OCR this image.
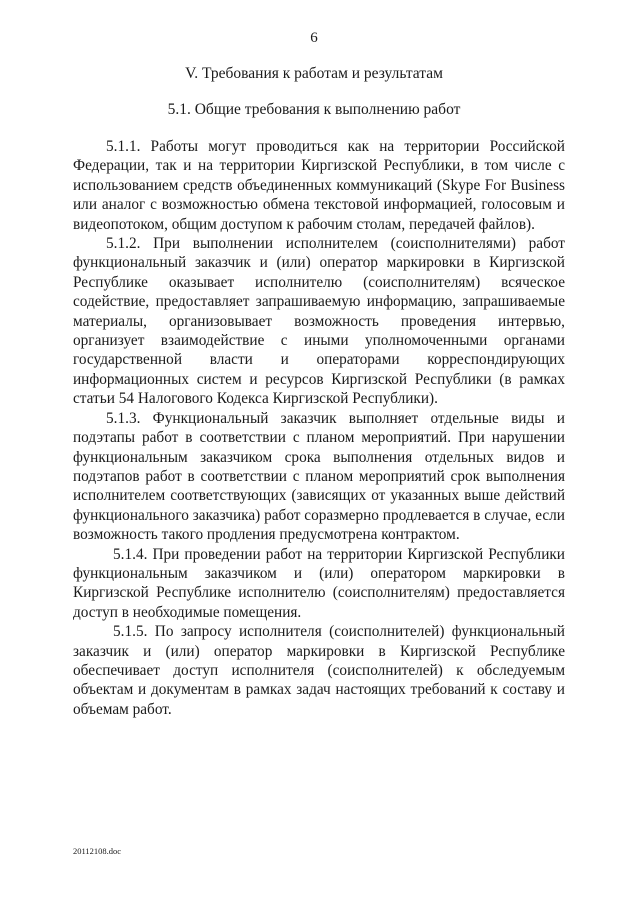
6
V. Требования к работам и результатам
5.1. Общие требования к выполнению работ

5.1.1. Работы могут проводиться как на территории Российской Федерации, так и на территории Киргизской Республики, в том числе с использованием средств объединенных коммуникаций (Skype For Business или аналог с возможностью обмена текстовой информацией, голосовым и видеопотоком, общим доступом к рабочим столам, передачей файлов).

5.1.2. При выполнении исполнителем (соисполнителями) работ функциональный заказчик и (или) оператор маркировки в Киргизской Республике оказывает исполнителю (соисполнителям) всяческое содействие, предоставляет запрашиваемую информацию, запрашиваемые материалы, организовывает возможность проведения интервью, организует взаимодействие с иными уполномоченными органами государственной власти и операторами корреспондирующих информационных систем и ресурсов Киргизской Республики (в рамках статьи 54 Налогового Кодекса Киргизской Республики).

5.1.3. Функциональный заказчик выполняет отдельные виды и подэтапы работ в соответствии с планом мероприятий. При нарушении функциональным заказчиком срока выполнения отдельных видов и подэтапов работ в соответствии с планом мероприятий срок выполнения исполнителем соответствующих (зависящих от указанных выше действий функционального заказчика) работ соразмерно продлевается в случае, если возможность такого продления предусмотрена контрактом.

5.1.4. При проведении работ на территории Киргизской Республики функциональным заказчиком и (или) оператором маркировки в Киргизской Республике исполнителю (соисполнителям) предоставляется доступ в необходимые помещения.

5.1.5. По запросу исполнителя (соисполнителей) функциональный заказчик и (или) оператор маркировки в Киргизской Республике обеспечивает доступ исполнителя (соисполнителей) к обследуемым объектам и документам в рамках задач настоящих требований к составу и объемам работ.

20112108.doc
